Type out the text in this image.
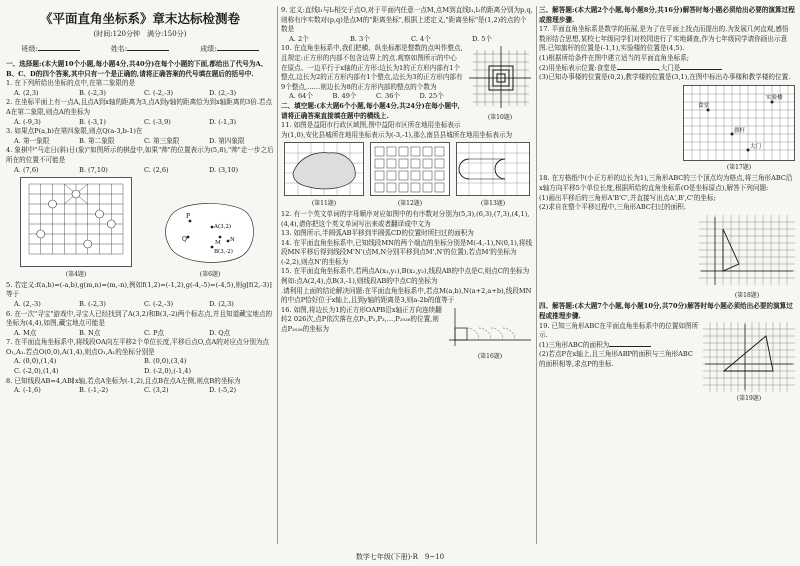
《平面直角坐标系》章末达标检测卷
(时间:120分钟　满分:150分)
班级:	姓名:	成绩:

一、选择题:(本大题10个小题,每小题4分,共40分)在每个小题的下面,都给出了代号为A、B、C、D的四个答案,其中只有一个是正确的,请将正确答案的代号填在题后的括号中.

1. 在下列所给出坐标的点中,在第二象限的是

A. (2,3)	B. (-2,3)	C. (-2,-3)	D. (2,-3)

2. 在坐标平面上有一点A,且点A到x轴的距离为3,点A到y轴的距离恰为到x轴距离的3倍.若点A在第二象限,则点A的坐标为

A. (-9,3)	B. (-3,1)	C. (-3,9)	D. (-1,3)

3. 如果点P(a,b)在第四象限,则点Q(a-3,b-1)在

A. 第一象限	B. 第二象限	C. 第三象限	D. 第四象限

4. 象棋中"马走日(斜)日(象)"如图所示的棋盘中,如果"帅"的位置表示为(5,8),"帅"走一步之后所在的位置不可能是

A. (7,6)	B. (7,10)	C. (2,6)	D. (3,10)
(第4题)
P
A(3,2)
Q	M N
B(3,-2)
(第6题)

5. 若定义:f(a,b)=(-a,b),g(m,n)=(m,-n),例如f(1,2)=(-1,2),g(-4,-5)=(-4,5),则g[f(2,-3)]等于

A. (2,-3)	B. (-2,3)	C. (-2,-3)	D. (2,3)

6. 在一次"寻宝"游戏中,寻宝人已经找到了A(3,2)和B(3,-2)两个标志点,并且知道藏宝地点的坐标为(4,4),如图,藏宝地点可能是

A. M点	B. N点	C. P点	D. Q点

7. 在平面直角坐标系中,将线段OA向左平移2个单位长度,平移后点O,点A的对应点分别为点O₁,A₁.若点O(0,0),A(1,4),则点O₁,A₁的坐标分别是

A. (0,0),(1,4)	B. (0,0),(3,4)
C. (-2,0),(1,4)	D. (-2,0),(-1,4)

8. 已知线段AB=4,AB∥x轴,若点A坐标为(-1,2),且点B在点A左侧,则点B的坐标为

A. (-1,6)	B. (-1,-2)	C. (3,2)	D. (-5,2)

9. 定义:直线l₁与l₂相交于点O,对于平面内任意一点M,点M到直线l₁,l₂的距离分别为p,q,则称有序实数对(p,q)是点M的"距离坐标",根据上述定义,"距离坐标"是(1,2)的点的个数是

A. 2个	B. 3个	C. 4个	D. 5个
(第10题)

10. 在直角坐标系中,我们把横、纵坐标都是整数的点叫作整点,且规定:正方形的内部不包含边界上的点.观察如图所示的中心在原点、一边平行于x轴的正方形:边长为1的正方形内部有1个整点,边长为2的正方形内部有1个整点,边长为3的正方形内部有9个整点,……则边长为8的正方形内部的整点的个数为

A. 64个	B. 49个	C. 36个	D. 25个

二、填空题:(本大题6个小题,每小题4分,共24分)在每小题中,请将正确答案直接填在题中的横线上.

11. 如图是益阳市行政区域图,图中益阳市区所在地用坐标表示为(1,0),安化县城所在地用坐标表示为(-3,-1),那么南县县城所在地用坐标表示为

(第11题)	(第12题)	(第13题)

12. 有一个英文单词的字母顺序对应如图中的有序数对分别为(5,3),(6,3),(7,3),(4,1),(4,4),请你把这个英文单词写出来或者翻译成中文为

13. 如图所示,半圆弧AB平移到半圆弧CD的位置时所扫过的面积为

14. 在平面直角坐标系中,已知线段MN的两个端点的坐标分别是M(-4,-1),N(0,1),将线段MN平移后得到线段M'N'(点M,N分别平移到点M',N'的位置),若点M'的坐标为(-2,2),则点N'的坐标为

15. 在平面直角坐标系中,若两点A(x₁,y₁),B(x₂,y₂),线段AB的中点是C,则点C的坐标为

例如:点A(2,4),点B(3,-1),则线段AB的中点C的坐标为

.请利用上面的结论解决问题:在平面直角坐标系中,若点M(a,b),N(a+2,a+b),线段MN的中点P恰好位于x轴上,且到y轴的距离是3,则a-2b的值等于

(第16题)

16. 如图,将边长为1的正方形OAPB沿x轴正方向连续翻转2 026次,点P依次落在点P₁,P₂,P₃,…,P₂₀₂₆的位置,则点P₂₀₂₆的坐标为

三、解答题:(本大题2个小题,每小题8分,共16分)解答时每小题必须给出必要的演算过程或推理步骤.

17. 平面直角坐标系是数学的拓展,是为了在平面上找点而提出的.为发展几何直观,感悟数形结合思想,某校七年级同学们对校园进行了实地调查,作为七年级同学请你画出示意图.已知旗杆的位置是(-1,1),实验楼的位置是(4,5).

(1)根据所给条件在图中建立适当的平面直角坐标系;

(2)用坐标表示位置:食堂是	,大门是

(3)已知办事楼的位置是(0,2),教学楼的位置是(3,1),在图中标出办事楼和教学楼的位置.

实验楼
食堂
旗杆
大门
(第17题)

18. 在方格纸中(小正方形的边长为1),三角形ABC的三个顶点均为格点,将三角形ABC沿x轴方向平移5个单位长度,根据所给的直角坐标系(O是坐标原点),解答下列问题:

(1)画出平移后的三角形A'B'C',并直接写出点A',B',C'的坐标;

(2)求自在整个平移过程中,三角形ABC扫过的面积.

(第18题)

四、解答题:(本大题7个小题,每小题10分,共70分)解答时每小题必须给出必要的演算过程或推理步骤.

(第19题)

19. 已知三角形ABC在平面直角坐标系中的位置如图所示.

(1)三角形ABC的面积为

(2)若点P在x轴上,且三角形ABP的面积与三角形ABC的面积相等,求点P的坐标.

数学七年级(下册)·R　9~10
